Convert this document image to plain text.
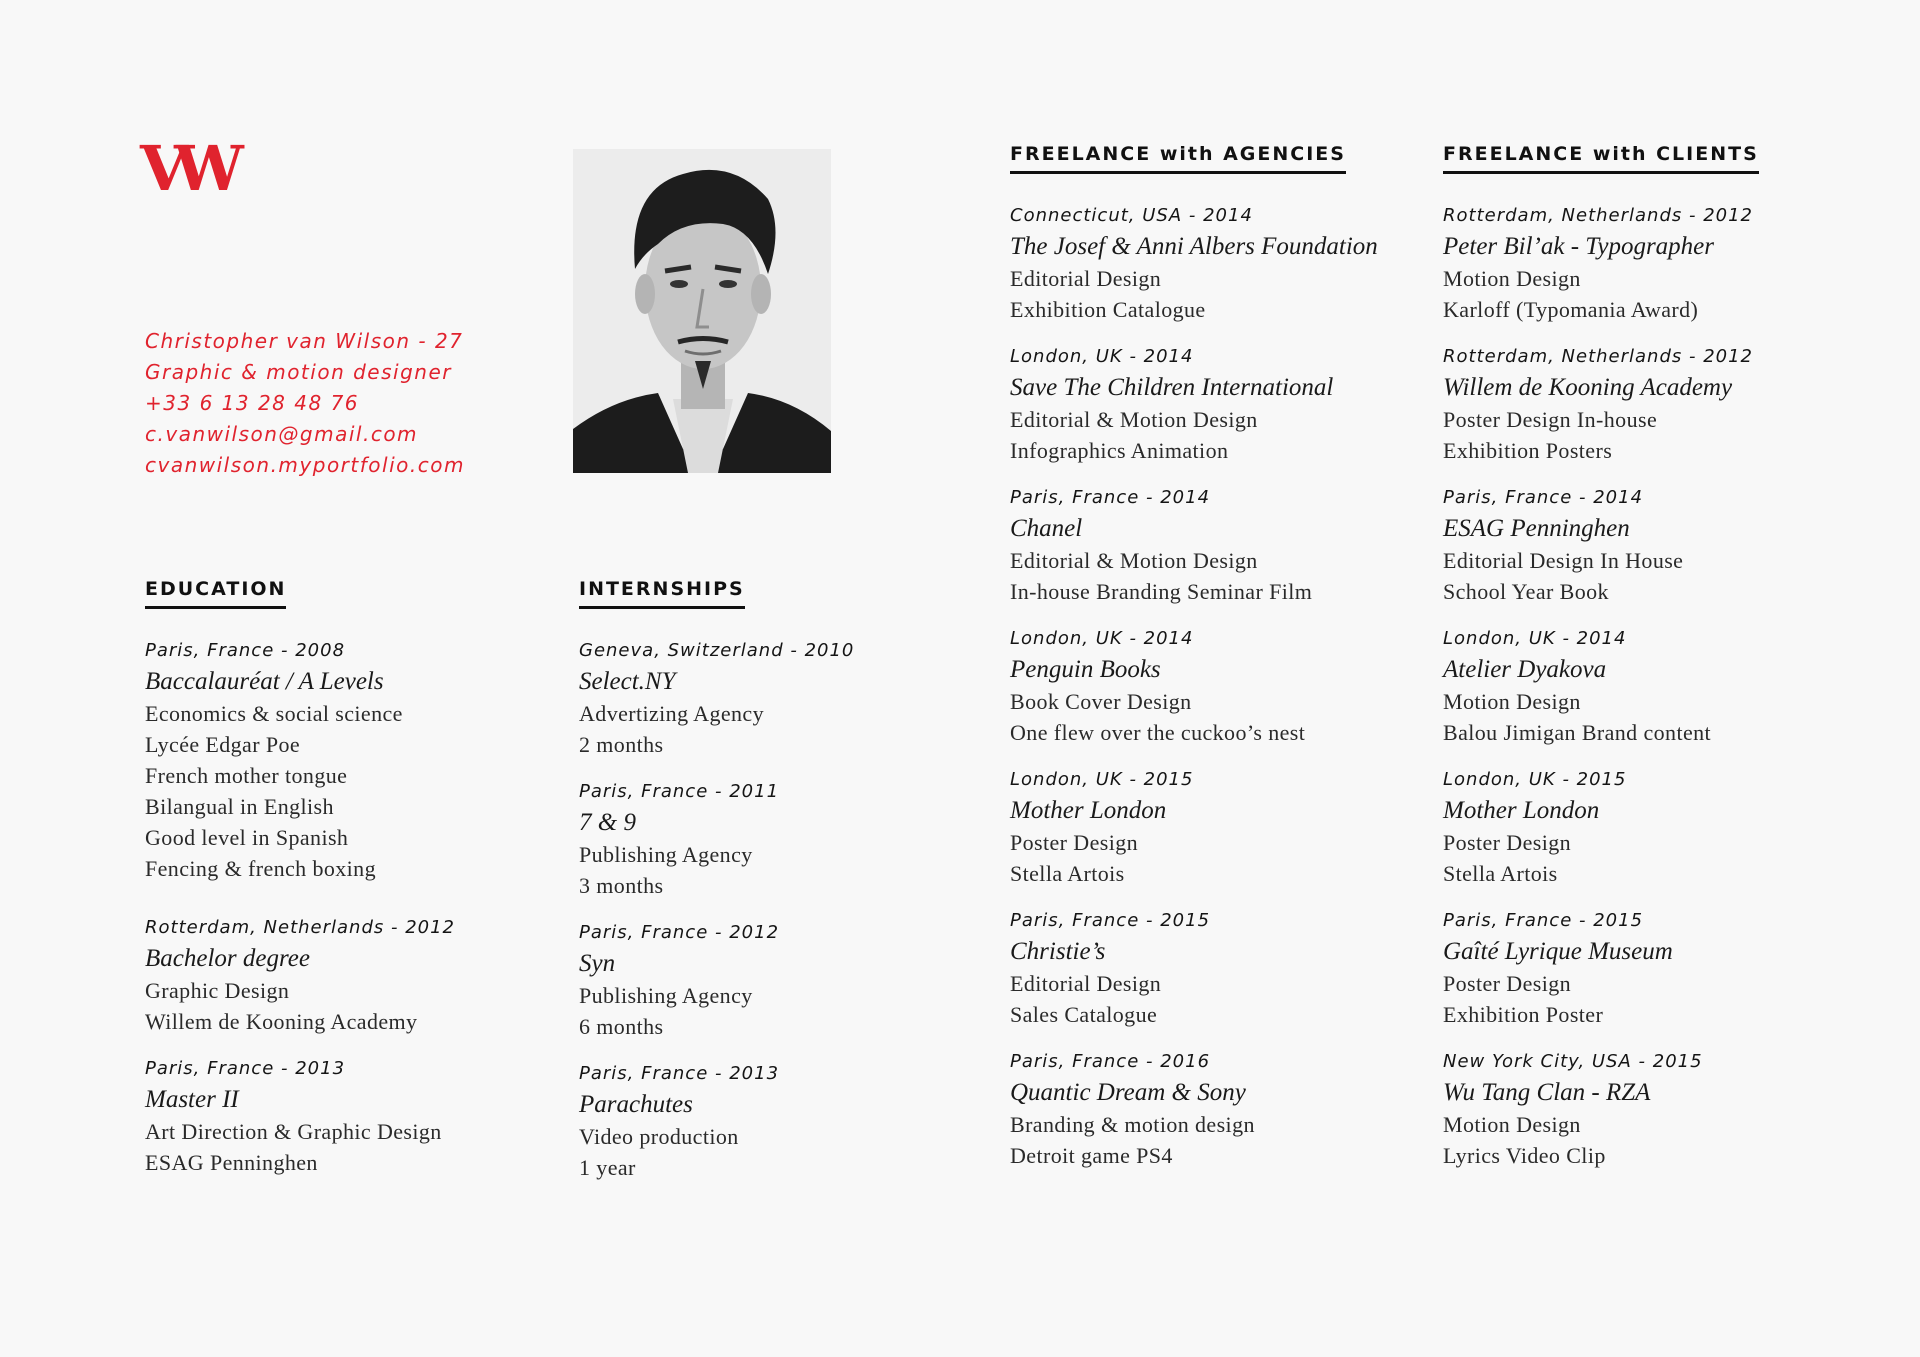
VW
Christopher van Wilson - 27
Graphic & motion designer
+33 6 13 28 48 76
c.vanwilson@gmail.com
cvanwilson.myportfolio.com
EDUCATION
Paris, France - 2008
Baccalauréat / A Levels
Economics & social science
Lycée Edgar Poe
French mother tongue
Bilangual in English
Good level in Spanish
Fencing & french boxing
Rotterdam, Netherlands - 2012
Bachelor degree
Graphic Design
Willem de Kooning Academy
Paris, France - 2013
Master II
Art Direction & Graphic Design
ESAG Penninghen
INTERNSHIPS
Geneva, Switzerland - 2010
Select.NY
Advertizing Agency
2 months
Paris, France - 2011
7 & 9
Publishing Agency
3 months
Paris, France - 2012
Syn
Publishing Agency
6 months
Paris, France - 2013
Parachutes
Video production
1 year
FREELANCE with AGENCIES
Connecticut, USA - 2014
The Josef & Anni Albers Foundation
Editorial Design
Exhibition Catalogue
London, UK - 2014
Save The Children International
Editorial & Motion Design
Infographics Animation
Paris, France - 2014
Chanel
Editorial & Motion Design
In-house Branding Seminar Film
London, UK - 2014
Penguin Books
Book Cover Design
One flew over the cuckoo’s nest
London, UK - 2015
Mother London
Poster Design
Stella Artois
Paris, France - 2015
Christie’s
Editorial Design
Sales Catalogue
Paris, France - 2016
Quantic Dream & Sony
Branding & motion design
Detroit game PS4
FREELANCE with CLIENTS
Rotterdam, Netherlands - 2012
Peter Bil’ak - Typographer
Motion Design
Karloff (Typomania Award)
Rotterdam, Netherlands - 2012
Willem de Kooning Academy
Poster Design In-house
Exhibition Posters
Paris, France - 2014
ESAG Penninghen
Editorial Design In House
School Year Book
London, UK - 2014
Atelier Dyakova
Motion Design
Balou Jimigan Brand content
London, UK - 2015
Mother London
Poster Design
Stella Artois
Paris, France - 2015
Gaîté Lyrique Museum
Poster Design
Exhibition Poster
New York City, USA - 2015
Wu Tang Clan - RZA
Motion Design
Lyrics Video Clip
